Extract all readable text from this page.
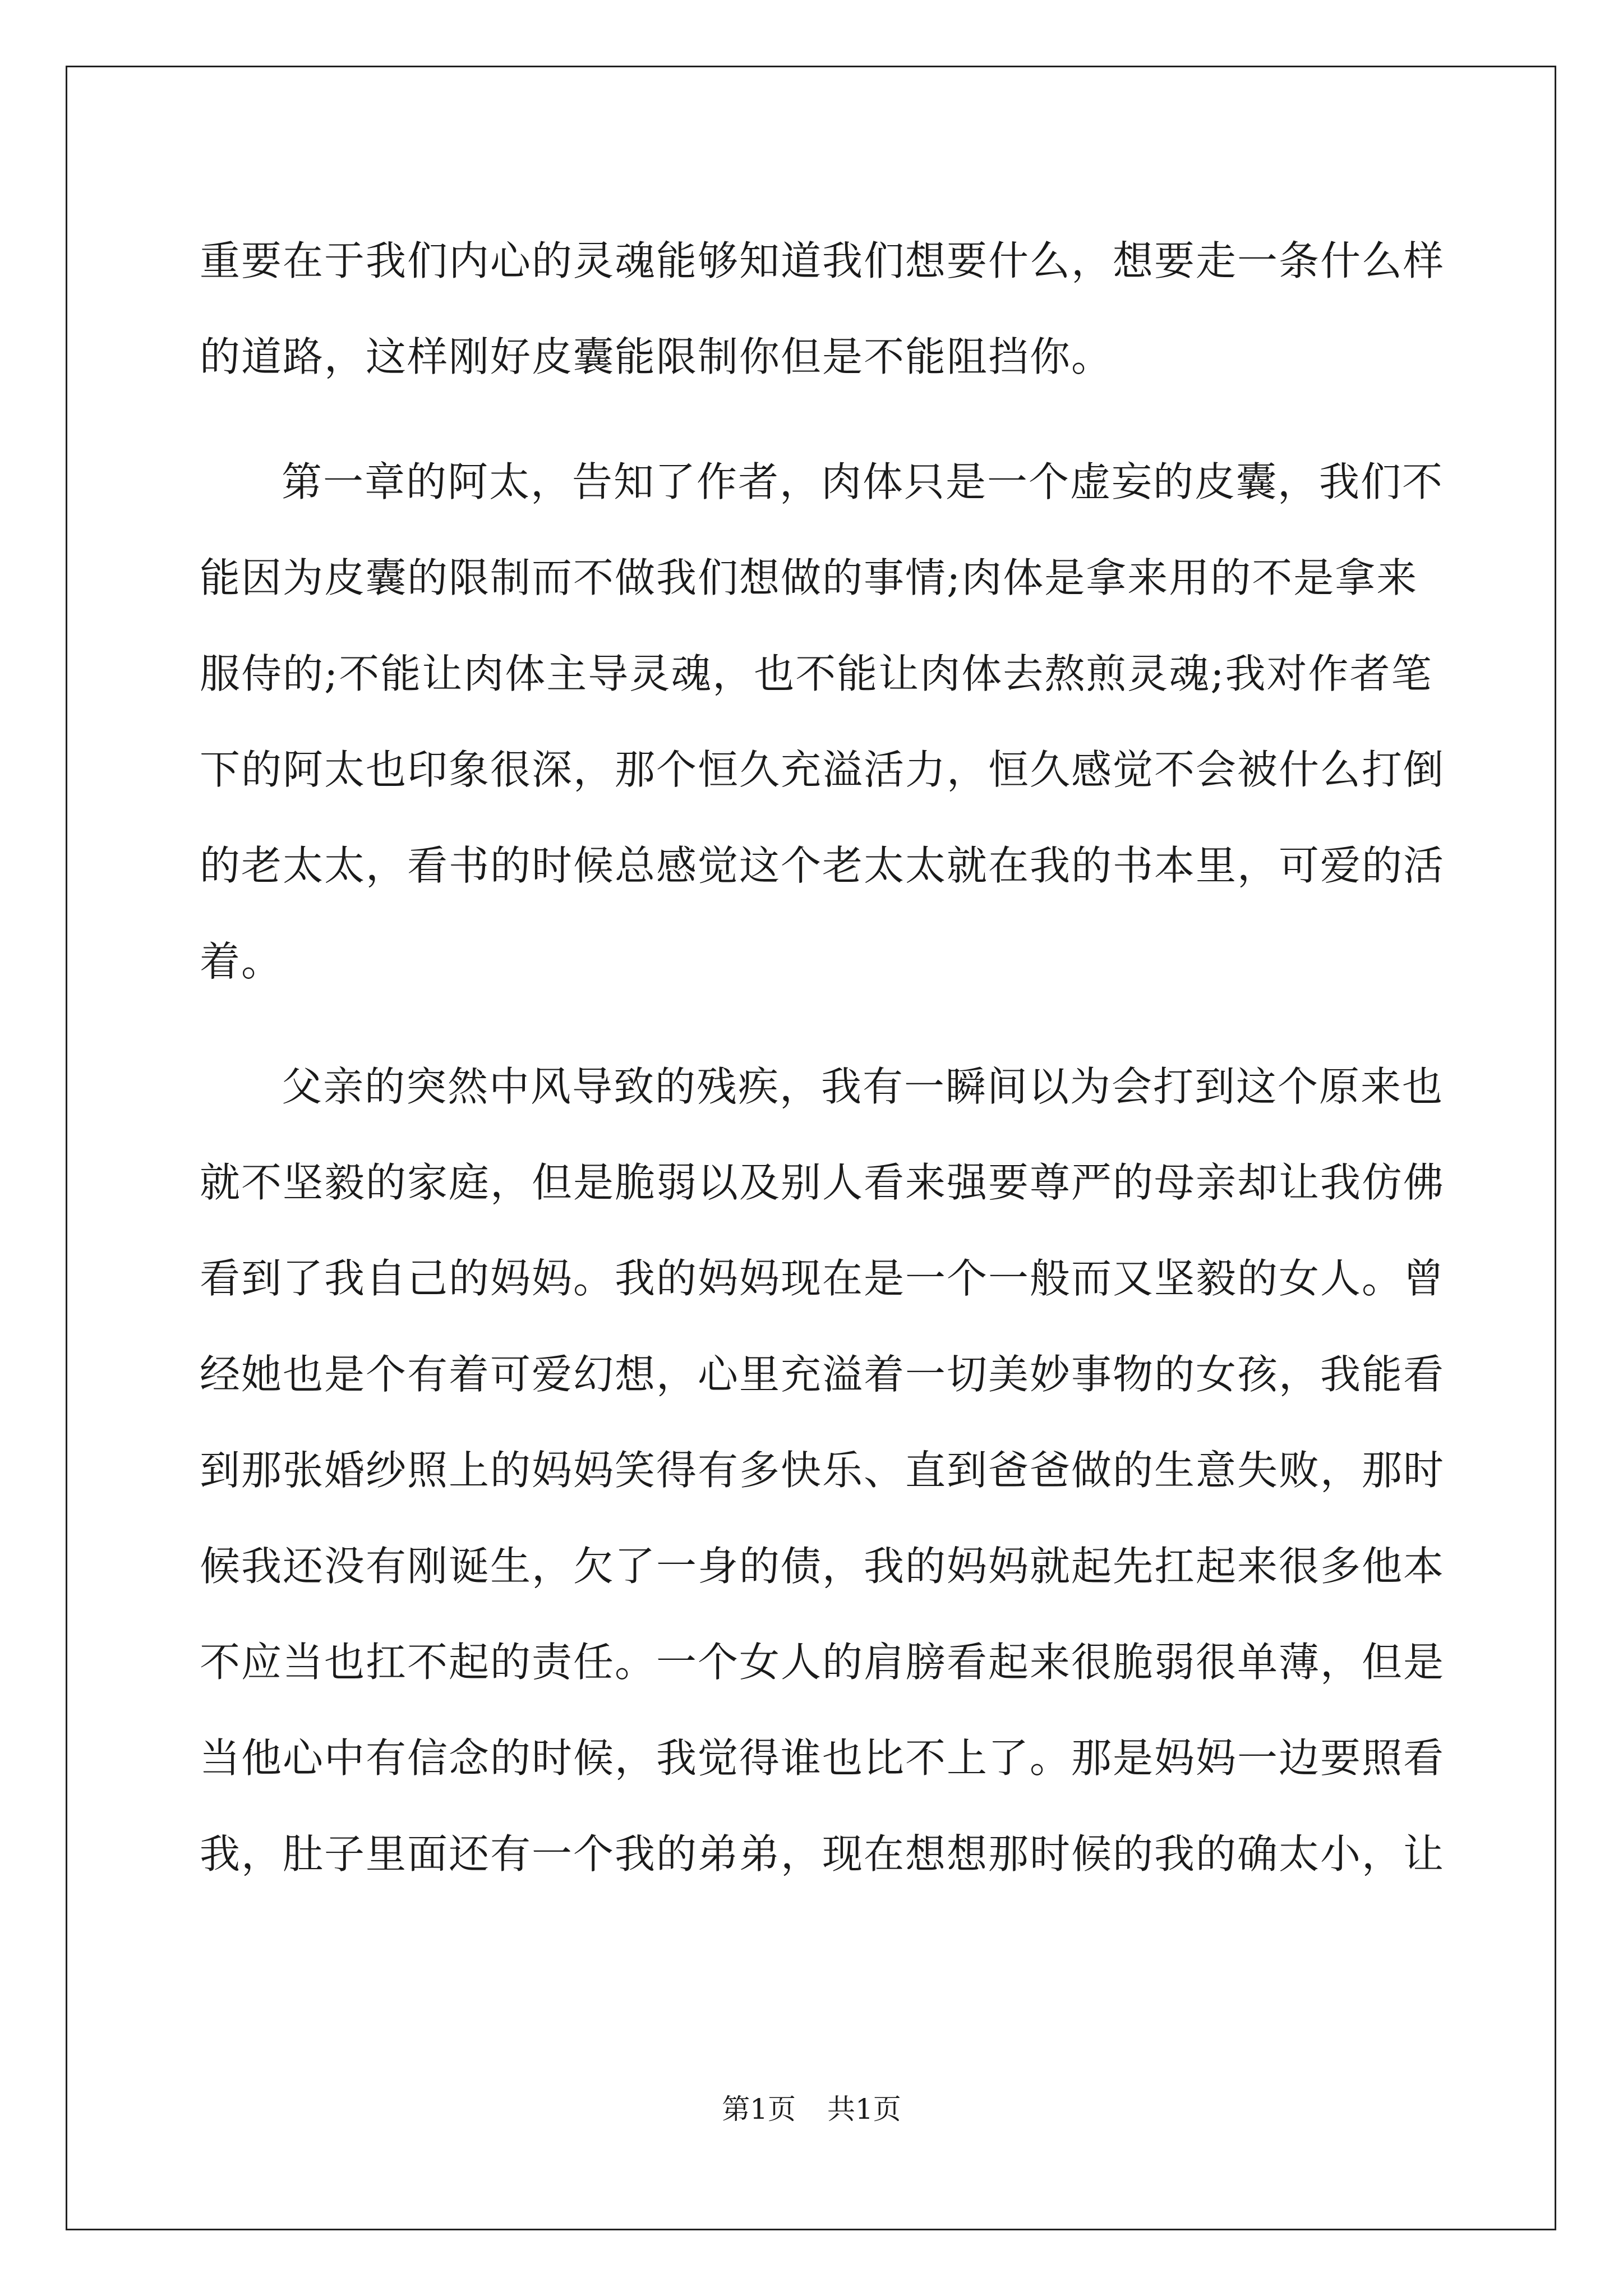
重要在于我们内心的灵魂能够知道我们想要什么，想要走一条什么样
的道路，这样刚好皮囊能限制你但是不能阻挡你。
第一章的阿太，告知了作者，肉体只是一个虚妄的皮囊，我们不
能因为皮囊的限制而不做我们想做的事情;肉体是拿来用的不是拿来
服侍的;不能让肉体主导灵魂，也不能让肉体去熬煎灵魂;我对作者笔
下的阿太也印象很深，那个恒久充溢活力，恒久感觉不会被什么打倒
的老太太，看书的时候总感觉这个老太太就在我的书本里，可爱的活
着。
父亲的突然中风导致的残疾，我有一瞬间以为会打到这个原来也
就不坚毅的家庭，但是脆弱以及别人看来强要尊严的母亲却让我仿佛
看到了我自己的妈妈。我的妈妈现在是一个一般而又坚毅的女人。曾
经她也是个有着可爱幻想，心里充溢着一切美妙事物的女孩，我能看
到那张婚纱照上的妈妈笑得有多快乐、直到爸爸做的生意失败，那时
候我还没有刚诞生，欠了一身的债，我的妈妈就起先扛起来很多他本
不应当也扛不起的责任。一个女人的肩膀看起来很脆弱很单薄，但是
当他心中有信念的时候，我觉得谁也比不上了。那是妈妈一边要照看
我，肚子里面还有一个我的弟弟，现在想想那时候的我的确太小，让
第1页 共1页
